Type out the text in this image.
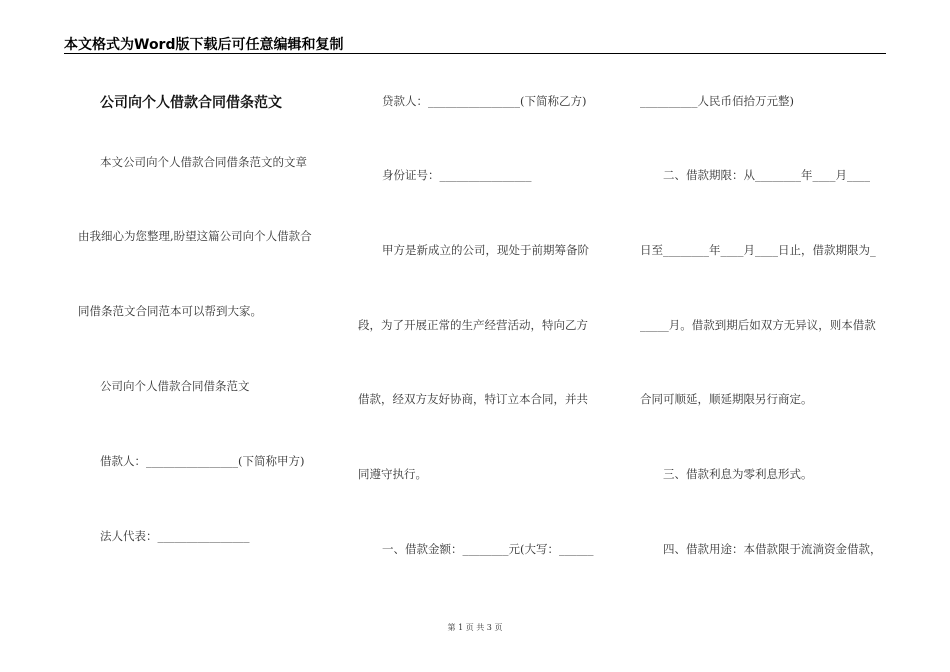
本文格式为Word版下载后可任意编辑和复制
公司向个人借款合同借条范文
本文公司向个人借款合同借条范文的文章
由我细心为您整理,盼望这篇公司向个人借款合
同借条范文合同范本可以帮到大家。
公司向个人借款合同借条范文
借款人：________________(下简称甲方)
法人代表：________________
贷款人：________________(下简称乙方)
身份证号：________________
甲方是新成立的公司，现处于前期筹备阶
段，为了开展正常的生产经营活动，特向乙方
借款，经双方友好协商，特订立本合同，并共
同遵守执行。
一、借款金额：________元(大写：______
__________人民币佰拾万元整)
二、借款期限：从________年____月____
日至________年____月____日止，借款期限为_
_____月。借款到期后如双方无异议，则本借款
合同可顺延，顺延期限另行商定。
三、借款利息为零利息形式。
四、借款用途：本借款限于流淌资金借款，
第 1 页 共 3 页
